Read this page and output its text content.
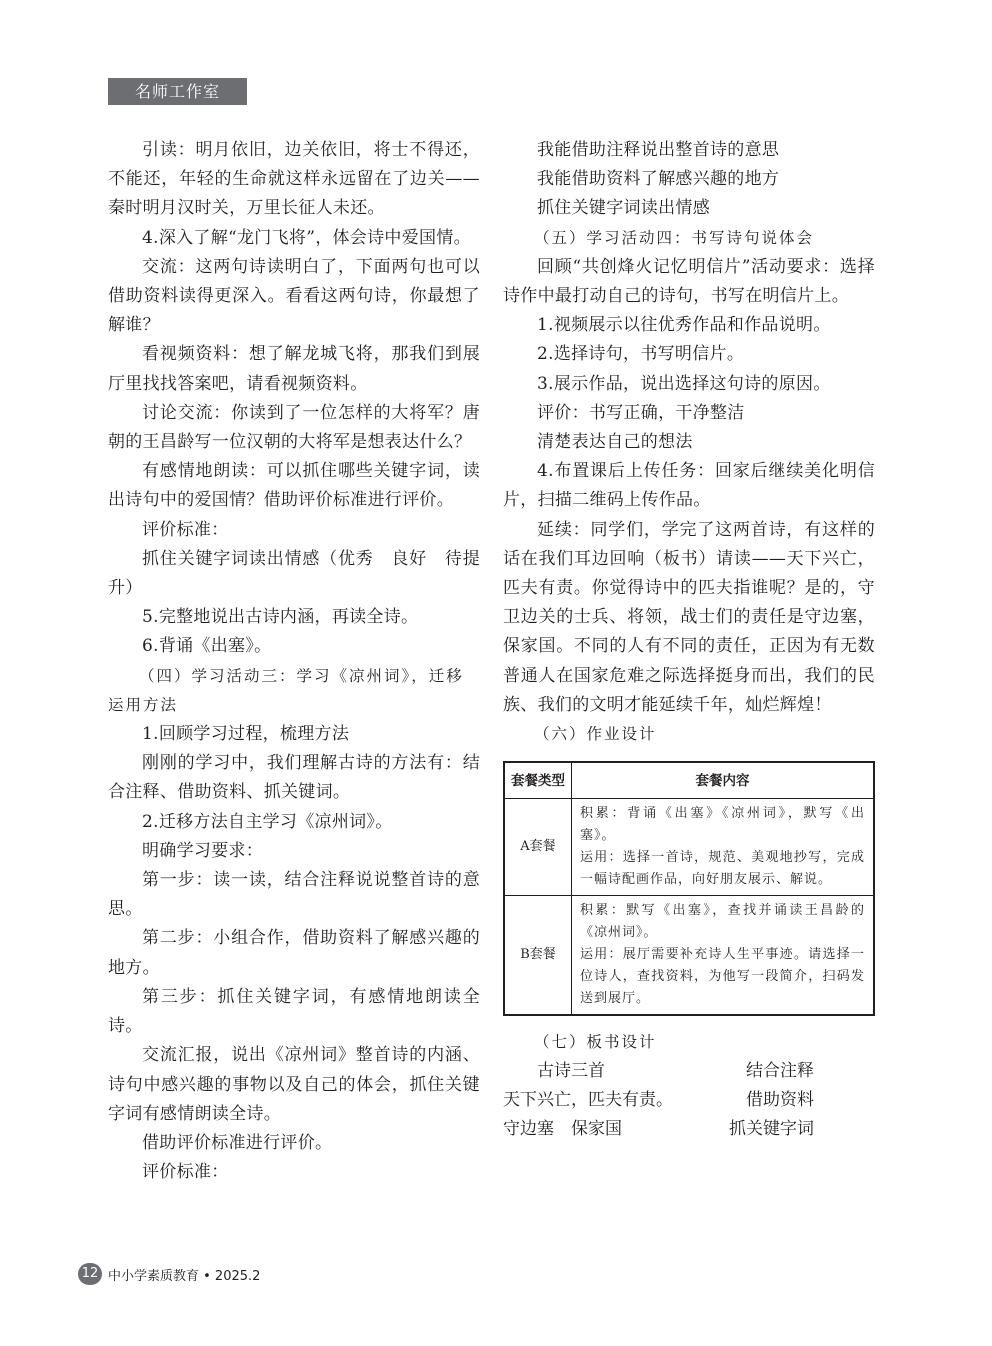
名师工作室

引读：明月依旧，边关依旧，将士不得还，不能还，年轻的生命就这样永远留在了边关——秦时明月汉时关，万里长征人未还。

4.深入了解“龙门飞将”，体会诗中爱国情。

交流：这两句诗读明白了，下面两句也可以借助资料读得更深入。看看这两句诗，你最想了解谁？

看视频资料：想了解龙城飞将，那我们到展厅里找找答案吧，请看视频资料。

讨论交流：你读到了一位怎样的大将军？唐朝的王昌龄写一位汉朝的大将军是想表达什么？

有感情地朗读：可以抓住哪些关键字词，读出诗句中的爱国情？借助评价标准进行评价。

评价标准：

抓住关键字词读出情感（优秀　良好　待提升）

5.完整地说出古诗内涵，再读全诗。

6.背诵《出塞》。

（四）学习活动三：学习《凉州词》，迁移运用方法

1.回顾学习过程，梳理方法

刚刚的学习中，我们理解古诗的方法有：结合注释、借助资料、抓关键词。

2.迁移方法自主学习《凉州词》。

明确学习要求：

第一步：读一读，结合注释说说整首诗的意思。

第二步：小组合作，借助资料了解感兴趣的地方。

第三步：抓住关键字词，有感情地朗读全诗。

交流汇报，说出《凉州词》整首诗的内涵、诗句中感兴趣的事物以及自己的体会，抓住关键字词有感情朗读全诗。

借助评价标准进行评价。

评价标准：

我能借助注释说出整首诗的意思

我能借助资料了解感兴趣的地方

抓住关键字词读出情感

（五）学习活动四：书写诗句说体会

回顾“共创烽火记忆明信片”活动要求：选择诗作中最打动自己的诗句，书写在明信片上。

1.视频展示以往优秀作品和作品说明。

2.选择诗句，书写明信片。

3.展示作品，说出选择这句诗的原因。

评价：书写正确，干净整洁

清楚表达自己的想法

4.布置课后上传任务：回家后继续美化明信片，扫描二维码上传作品。

延续：同学们，学完了这两首诗，有这样的话在我们耳边回响（板书）请读——天下兴亡，匹夫有责。你觉得诗中的匹夫指谁呢？是的，守卫边关的士兵、将领，战士们的责任是守边塞，保家国。不同的人有不同的责任，正因为有无数普通人在国家危难之际选择挺身而出，我们的民族、我们的文明才能延续千年，灿烂辉煌！

（六）作业设计

套餐类型	套餐内容
A套餐	积累：背诵《出塞》《凉州词》，默写《出塞》。
运用：选择一首诗，规范、美观地抄写，完成一幅诗配画作品，向好朋友展示、解说。

B套餐	积累：默写《出塞》，查找并诵读王昌龄的《凉州词》。
运用：展厅需要补充诗人生平事迹。请选择一位诗人，查找资料，为他写一段简介，扫码发送到展厅。

（七）板书设计

　　古诗三首	　　结合注释
天下兴亡，匹夫有责。	　　借助资料
守边塞　保家国	　抓关键字词
12 中小学素质教育 • 2025.2
